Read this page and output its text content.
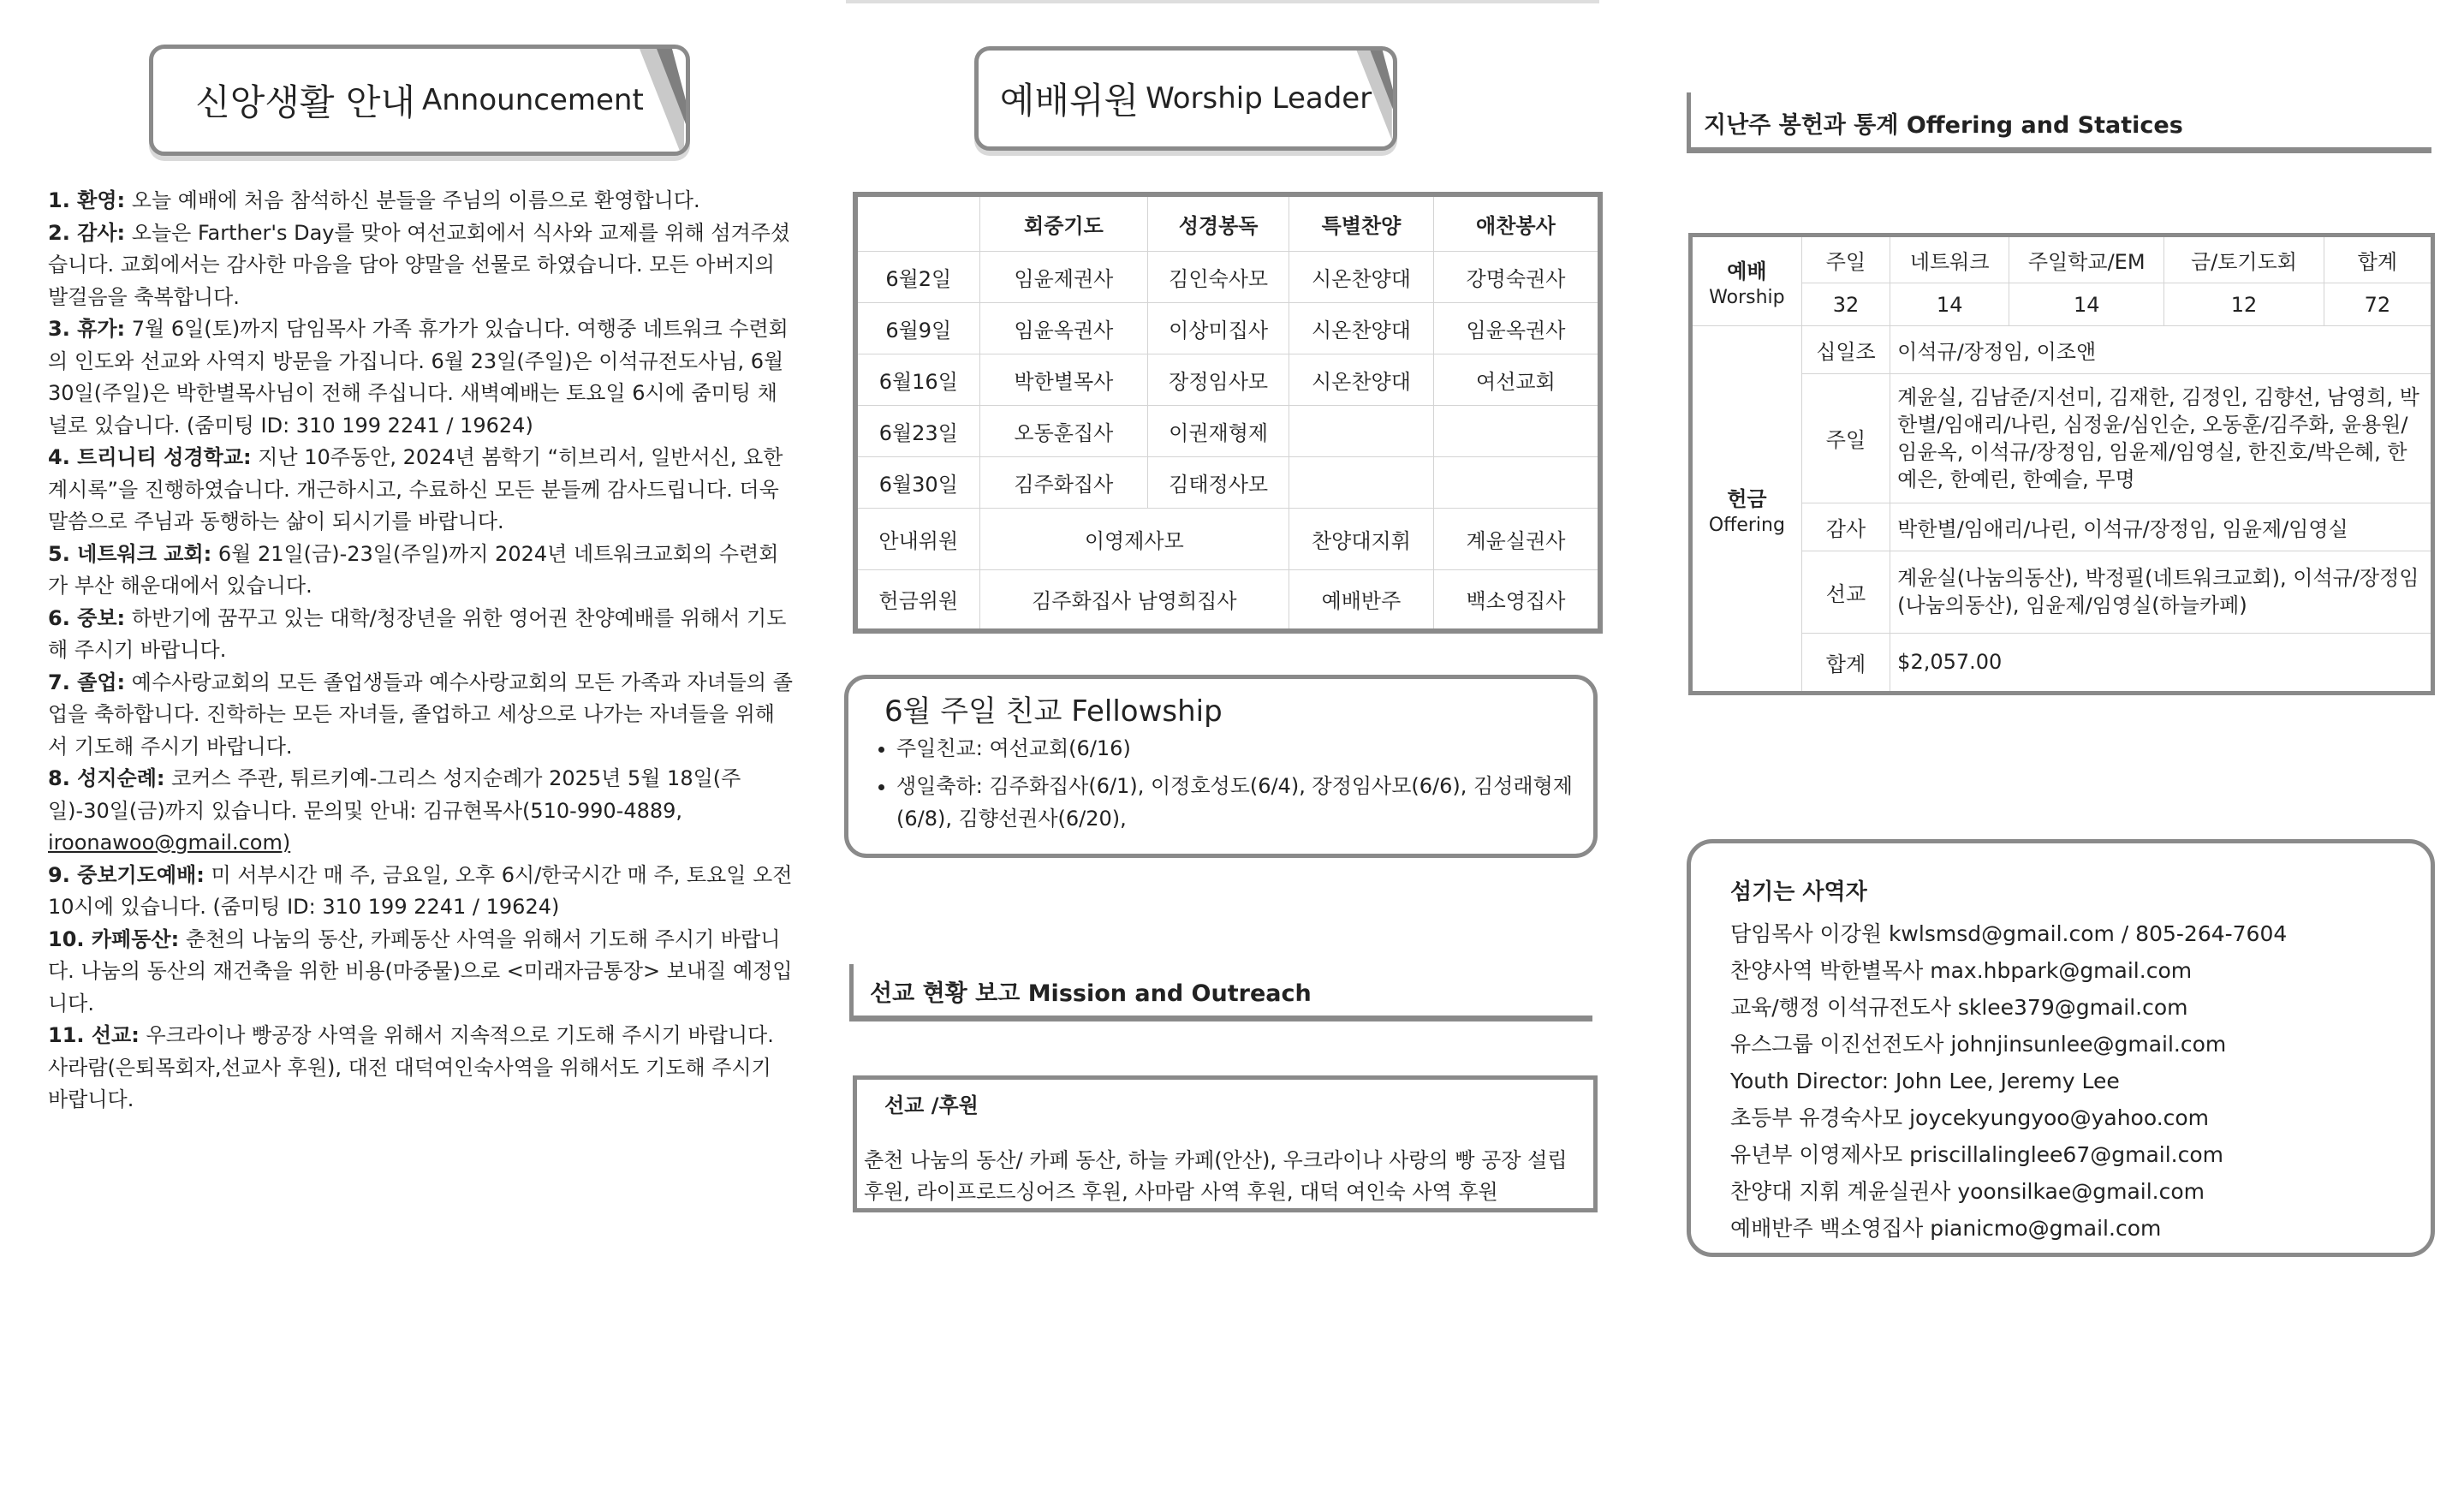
신앙생활 안내 Announcement

1. 환영: 오늘 예배에 처음 참석하신 분들을 주님의 이름으로 환영합니다.

2. 감사: 오늘은 Farther's Day를 맞아 여선교회에서 식사와 교제를 위해 섬겨주셨습니다. 교회에서는 감사한 마음을 담아 양말을 선물로 하였습니다. 모든 아버지의 발걸음을 축복합니다.

3. 휴가: 7월 6일(토)까지 담임목사 가족 휴가가 있습니다. 여행중 네트워크 수련회의 인도와 선교와 사역지 방문을 가집니다. 6월 23일(주일)은 이석규전도사님, 6월 30일(주일)은 박한별목사님이 전해 주십니다. 새벽예배는 토요일 6시에 줌미팅 채널로 있습니다. (줌미팅 ID: 310 199 2241 / 19624)

4. 트리니티 성경학교: 지난 10주동안, 2024년 봄학기 “히브리서, 일반서신, 요한계시록”을 진행하였습니다. 개근하시고, 수료하신 모든 분들께 감사드립니다. 더욱 말씀으로 주님과 동행하는 삶이 되시기를 바랍니다.

5. 네트워크 교회: 6월 21일(금)-23일(주일)까지 2024년 네트워크교회의 수련회가 부산 해운대에서 있습니다.

6. 중보: 하반기에 꿈꾸고 있는 대학/청장년을 위한 영어권 찬양예배를 위해서 기도해 주시기 바랍니다.

7. 졸업: 예수사랑교회의 모든 졸업생들과 예수사랑교회의 모든 가족과 자녀들의 졸업을 축하합니다. 진학하는 모든 자녀들, 졸업하고 세상으로 나가는 자녀들을 위해서 기도해 주시기 바랍니다.

8. 성지순례: 코커스 주관, 튀르키예-그리스 성지순례가 2025년 5월 18일(주일)-30일(금)까지 있습니다. 문의및 안내: 김규현목사(510-990-4889,
iroonawoo@gmail.com)

9. 중보기도예배: 미 서부시간 매 주, 금요일, 오후 6시/한국시간 매 주, 토요일 오전 10시에 있습니다. (줌미팅 ID: 310 199 2241 / 19624)

10. 카페동산: 춘천의 나눔의 동산, 카페동산 사역을 위해서 기도해 주시기 바랍니다. 나눔의 동산의 재건축을 위한 비용(마중물)으로 <미래자금통장> 보내질 예정입니다.

11. 선교: 우크라이나 빵공장 사역을 위해서 지속적으로 기도해 주시기 바랍니다. 사라람(은퇴목회자,선교사 후원), 대전 대덕여인숙사역을 위해서도 기도해 주시기 바랍니다.

예배위원 Worship Leader
	회중기도	성경봉독	특별찬양	애찬봉사
6월2일	임윤제권사	김인숙사모	시온찬양대	강명숙권사
6월9일	임윤옥권사	이상미집사	시온찬양대	임윤옥권사
6월16일	박한별목사	장정임사모	시온찬양대	여선교회
6월23일	오동훈집사	이권재형제		
6월30일	김주화집사	김태정사모		
안내위원	이영제사모		찬양대지휘	계윤실권사
헌금위원	김주화집사 남영희집사		예배반주	백소영집사
6월 주일 친교 Fellowship
• 주일친교: 여선교회(6/16)
• 생일축하: 김주화집사(6/1), 이정호성도(6/4), 장정임사모(6/6), 김성래형제(6/8), 김향선권사(6/20),
선교 현황 보고 Mission and Outreach
선교 /후원
춘천 나눔의 동산/ 카페 동산, 하늘 카페(안산), 우크라이나 사랑의 빵 공장 설립 후원, 라이프로드싱어즈 후원, 사마람 사역 후원, 대덕 여인숙 사역 후원
지난주 봉헌과 통계 Offering and Statices
예배
Worship	주일	네트워크	주일학교/EM	금/토기도회	합계
	32	14	14	12	72
헌금
Offering	십일조	이석규/장정임, 이조앤			
	주일	계윤실, 김남준/지선미, 김재한, 김정인, 김향선, 남영희, 박한별/임애리/나린, 심정윤/심인순, 오동훈/김주화, 윤용원/임윤옥, 이석규/장정임, 임윤제/임영실, 한진호/박은혜, 한예은, 한예린, 한예슬, 무명			
	감사	박한별/임애리/나린, 이석규/장정임, 임윤제/임영실			
	선교	계윤실(나눔의동산), 박정필(네트워크교회), 이석규/장정임(나눔의동산), 임윤제/임영실(하늘카페)			
	합계	$2,057.00			
섬기는 사역자
담임목사 이강원 kwlsmsd@gmail.com / 805-264-7604
찬양사역 박한별목사 max.hbpark@gmail.com
교육/행정 이석규전도사 sklee379@gmail.com
유스그룹 이진선전도사 johnjinsunlee@gmail.com
Youth Director: John Lee, Jeremy Lee
초등부 유경숙사모 joycekyungyoo@yahoo.com
유년부 이영제사모 priscillalinglee67@gmail.com
찬양대 지휘 계윤실권사 yoonsilkae@gmail.com
예배반주 백소영집사 pianicmo@gmail.com
